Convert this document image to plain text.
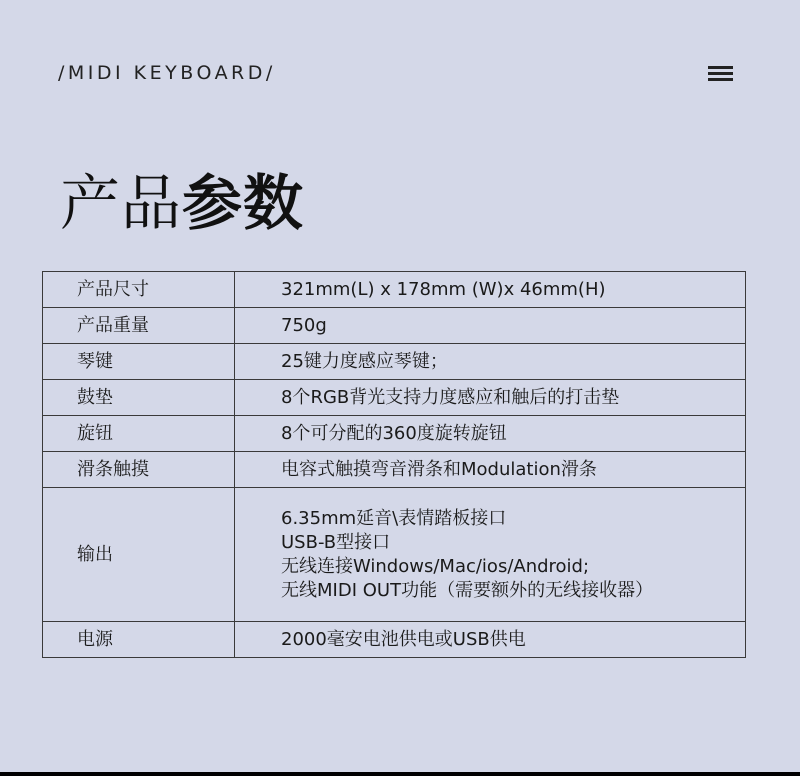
/MIDI KEYBOARD/
产品参数
产品尺寸	321mm(L) x 178mm (W)x 46mm(H)

产品重量	750g

琴键	25键力度感应琴键；

鼓垫	8个RGB背光支持力度感应和触后的打击垫

旋钮	8个可分配的360度旋转旋钮

滑条触摸	电容式触摸弯音滑条和Modulation滑条

输出	6.35mm延音\表情踏板接口
USB-B型接口
无线连接Windows/Mac/ios/Android;
无线MIDI OUT功能（需要额外的无线接收器）

电源	2000毫安电池供电或USB供电
